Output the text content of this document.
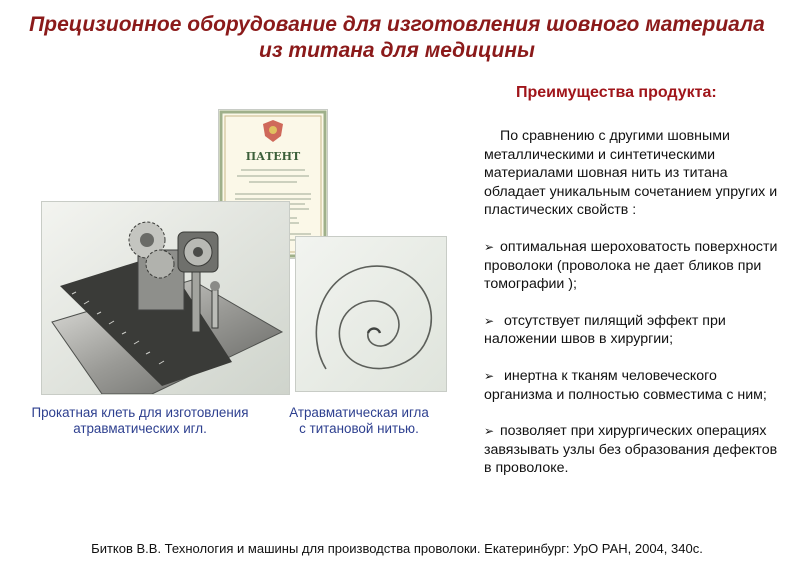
Прецизионное оборудование для изготовления шовного материала
из титана для медицины
ПАТЕНТ
Прокатная клеть для изготовления атравматических игл.
Атравматическая игла с титановой нитью.
Преимущества продукта:

По сравнению с другими шовными металлическими и синтетическими материалами шовная нить из титана обладает уникальным сочетанием упругих и пластических свойств :

➢ оптимальная шероховатость поверхности проволоки (проволока не дает бликов при томографии );

➢ отсутствует пилящий эффект при наложении швов в хирургии;

➢ инертна к тканям человеческого организма и полностью совместима с ним;

➢ позволяет при хирургических операциях завязывать узлы без образования дефектов в проволоке.

Битков В.В. Технология и машины для производства проволоки. Екатеринбург: УрО РАН, 2004, 340с.
